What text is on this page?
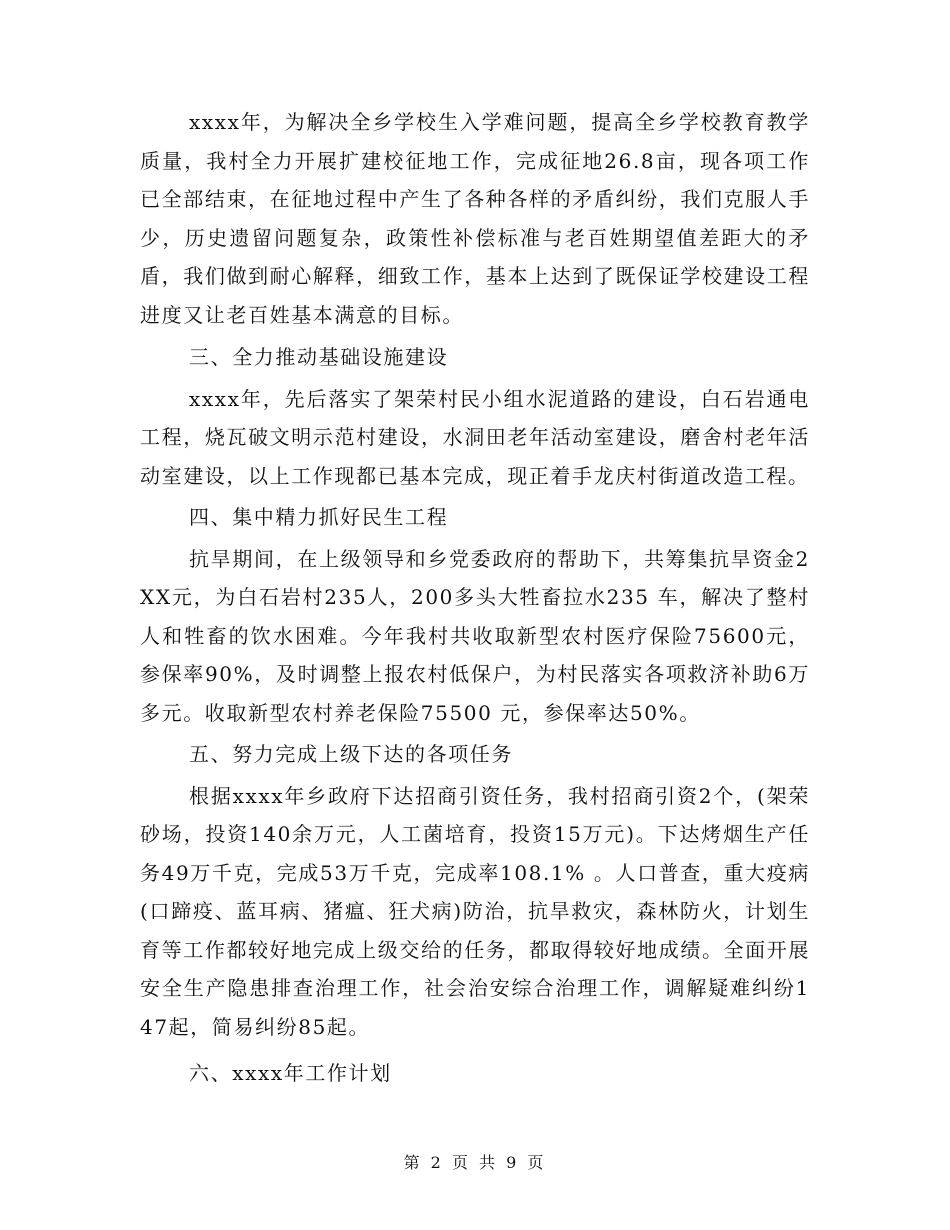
xxxx年，为解决全乡学校生入学难问题，提高全乡学校教育教学质量，我村全力开展扩建校征地工作，完成征地26.8亩，现各项工作已全部结束，在征地过程中产生了各种各样的矛盾纠纷，我们克服人手少，历史遗留问题复杂，政策性补偿标准与老百姓期望值差距大的矛盾，我们做到耐心解释，细致工作，基本上达到了既保证学校建设工程进度又让老百姓基本满意的目标。

三、全力推动基础设施建设

xxxx年，先后落实了架荣村民小组水泥道路的建设，白石岩通电工程，烧瓦破文明示范村建设，水洞田老年活动室建设，磨舍村老年活动室建设，以上工作现都已基本完成，现正着手龙庆村街道改造工程。

四、集中精力抓好民生工程

抗旱期间，在上级领导和乡党委政府的帮助下，共筹集抗旱资金2XX元，为白石岩村235人，200多头大牲畜拉水235 车，解决了整村人和牲畜的饮水困难。今年我村共收取新型农村医疗保险75600元，参保率90%，及时调整上报农村低保户，为村民落实各项救济补助6万多元。收取新型农村养老保险75500 元，参保率达50%。

五、努力完成上级下达的各项任务

根据xxxx年乡政府下达招商引资任务，我村招商引资2个，(架荣砂场，投资140余万元，人工菌培育，投资15万元)。下达烤烟生产任务49万千克，完成53万千克，完成率108.1% 。人口普查，重大疫病(口蹄疫、蓝耳病、猪瘟、狂犬病)防治，抗旱救灾，森林防火，计划生育等工作都较好地完成上级交给的任务，都取得较好地成绩。全面开展安全生产隐患排查治理工作，社会治安综合治理工作，调解疑难纠纷147起，简易纠纷85起。

六、xxxx年工作计划

第 2 页 共 9 页
